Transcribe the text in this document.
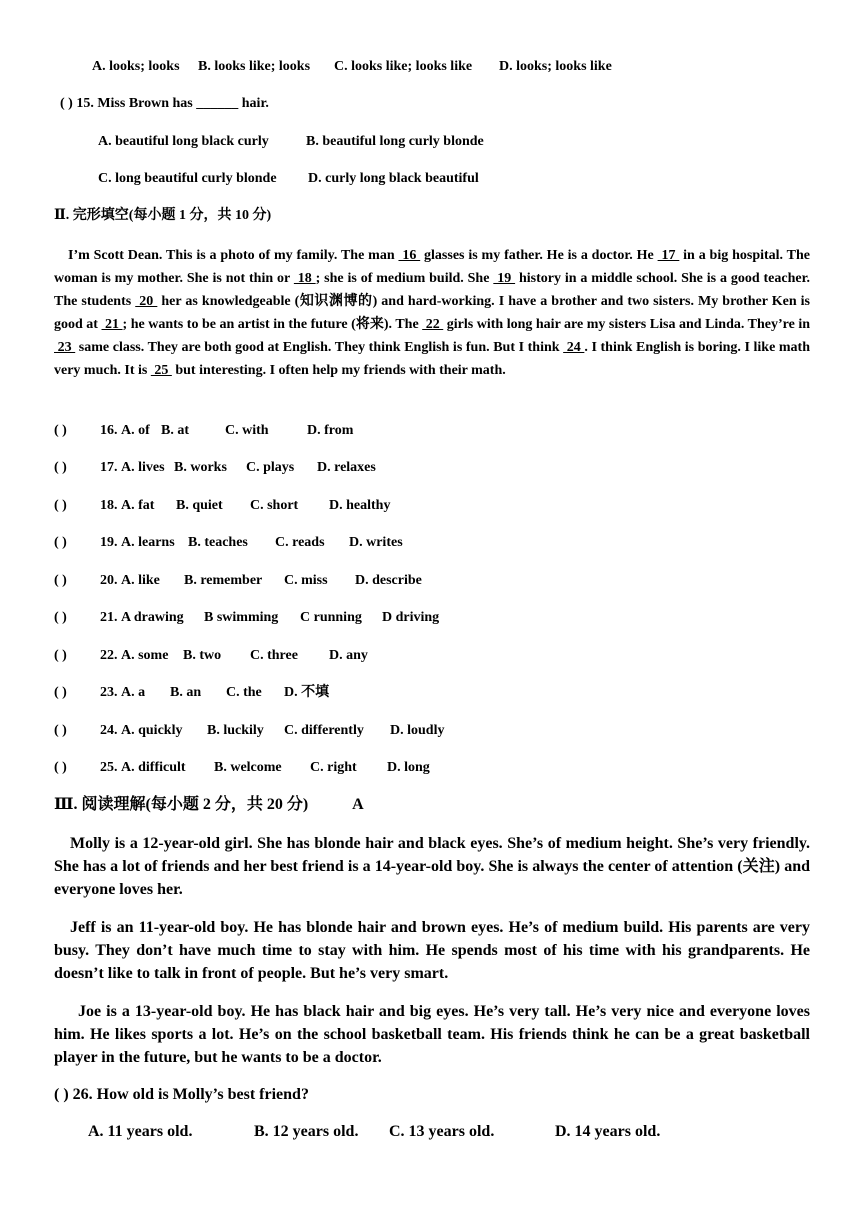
A. looks; looks B. looks like; looks C. looks like; looks like D. looks; looks like
( ) 15. Miss Brown has ______ hair.
A. beautiful long black curly	B. beautiful long curly blonde
C. long beautiful curly blonde D. curly long black beautiful
Ⅱ. 完形填空(每小题 1 分，共 10 分)
I’m Scott Dean. This is a photo of my family. The man  16  glasses is my father. He is a doctor. He  17  in a big hospital. The woman is my mother. She is not thin or  18 ; she is of medium build. She  19  history in a middle school. She is a good teacher. The students  20  her as knowledgeable (知识渊博的) and hard-working. I have a brother and two sisters. My brother Ken is good at  21 ; he wants to be an artist in the future (将来). The  22  girls with long hair are my sisters Lisa and Linda. They’re in  23  same class. They are both good at English. They think English is fun. But I think  24 . I think English is boring. I like math very much. It is  25  but interesting. I often help my friends with their math.
( ) 16. A. of B. at	C. with	D. from
( ) 17. A. lives B. works C. plays D. relaxes
( ) 18. A. fat B. quiet C. short D. healthy
( ) 19. A. learns B. teaches C. reads D. writes
( ) 20. A. like B. remember C. miss D. describe
( ) 21. A drawing B swimming C running D driving
( ) 22. A. some B. two C. three D. any
( ) 23. A. a B. an C. the D. 不填
( ) 24. A. quickly B. luckily C. differently D. loudly
( ) 25. A. difficult B. welcome C. right D. long
Ⅲ. 阅读理解(每小题 2 分，共 20 分)	A
Molly is a 12-year-old girl. She has blonde hair and black eyes. She’s of medium height. She’s very friendly. She has a lot of friends and her best friend is a 14-year-old boy. She is always the center of attention (关注) and everyone loves her.
Jeff is an 11-year-old boy. He has blonde hair and brown eyes. He’s of medium build. His parents are very busy. They don’t have much time to stay with him. He spends most of his time with his grandparents. He doesn’t like to talk in front of people. But he’s very smart.
Joe is a 13-year-old boy. He has black hair and big eyes. He’s very tall. He’s very nice and everyone loves him. He likes sports a lot. He’s on the school basketball team. His friends think he can be a great basketball player in the future, but he wants to be a doctor.
( ) 26. How old is Molly’s best friend?
A. 11 years old.	B. 12 years old. C. 13 years old.	D. 14 years old.
